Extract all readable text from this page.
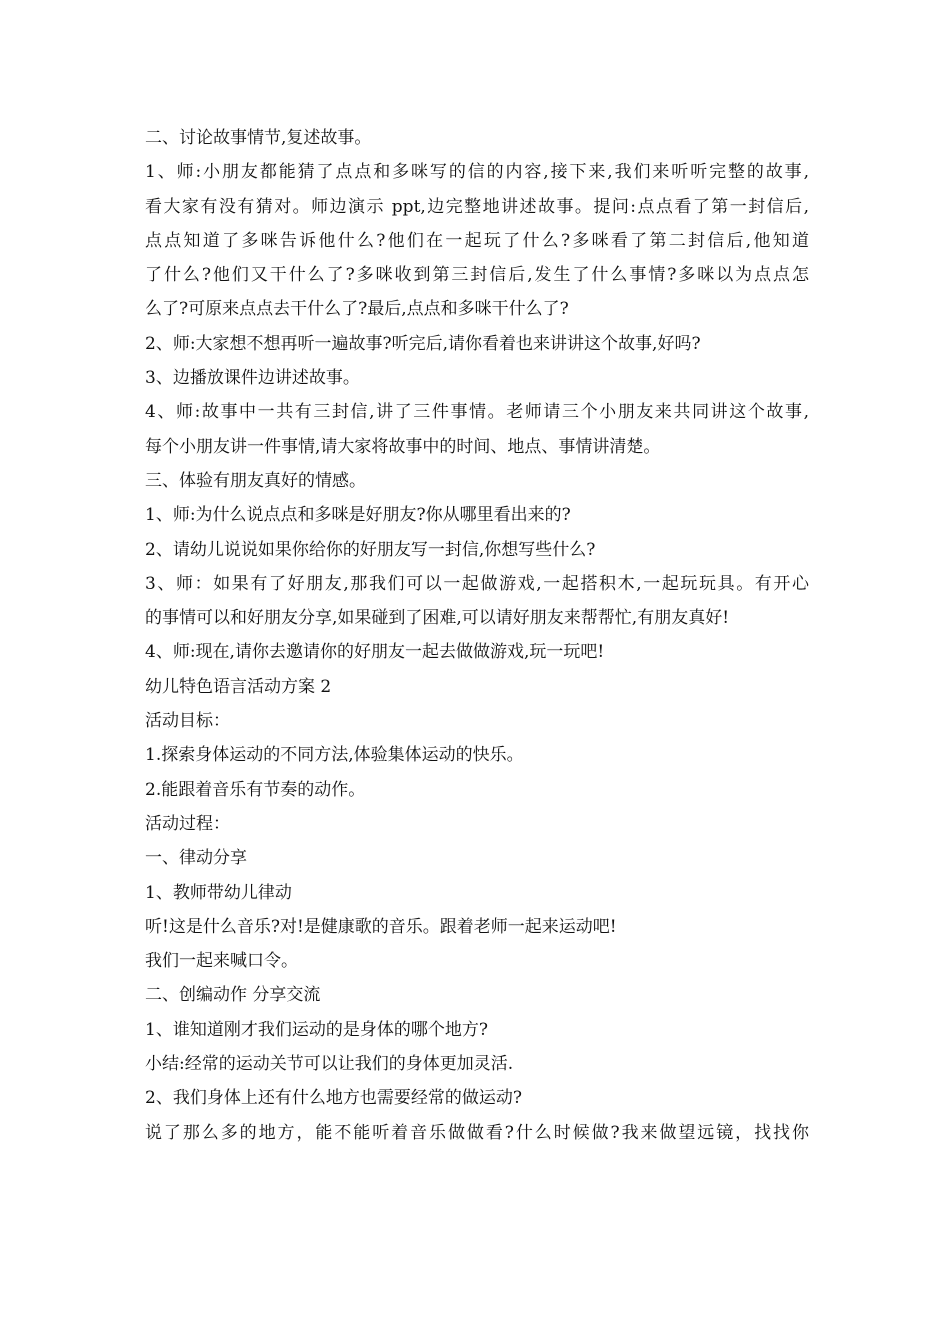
二、讨论故事情节,复述故事。
1、师:小朋友都能猜了点点和多咪写的信的内容,接下来,我们来听听完整的故事,
看大家有没有猜对。师边演示 ppt,边完整地讲述故事。提问:点点看了第一封信后,
点点知道了多咪告诉他什么?他们在一起玩了什么?多咪看了第二封信后,他知道
了什么?他们又干什么了?多咪收到第三封信后,发生了什么事情?多咪以为点点怎
么了?可原来点点去干什么了?最后,点点和多咪干什么了?
2、师:大家想不想再听一遍故事?听完后,请你看着也来讲讲这个故事,好吗?
3、边播放课件边讲述故事。
4、师:故事中一共有三封信,讲了三件事情。老师请三个小朋友来共同讲这个故事,
每个小朋友讲一件事情,请大家将故事中的时间、地点、事情讲清楚。
三、体验有朋友真好的情感。
1、师:为什么说点点和多咪是好朋友?你从哪里看出来的?
2、请幼儿说说如果你给你的好朋友写一封信,你想写些什么?
3、师：如果有了好朋友,那我们可以一起做游戏,一起搭积木,一起玩玩具。有开心
的事情可以和好朋友分享,如果碰到了困难,可以请好朋友来帮帮忙,有朋友真好!
4、师:现在,请你去邀请你的好朋友一起去做做游戏,玩一玩吧!
幼儿特色语言活动方案 2
活动目标：
1.探索身体运动的不同方法,体验集体运动的快乐。
2.能跟着音乐有节奏的动作。
活动过程：
一、律动分享
1、教师带幼儿律动
听!这是什么音乐?对!是健康歌的音乐。跟着老师一起来运动吧!
我们一起来喊口令。
二、创编动作 分享交流
1、谁知道刚才我们运动的是身体的哪个地方?
小结:经常的运动关节可以让我们的身体更加灵活.
2、我们身体上还有什么地方也需要经常的做运动?
说了那么多的地方，能不能听着音乐做做看?什么时候做?我来做望远镜，找找你
